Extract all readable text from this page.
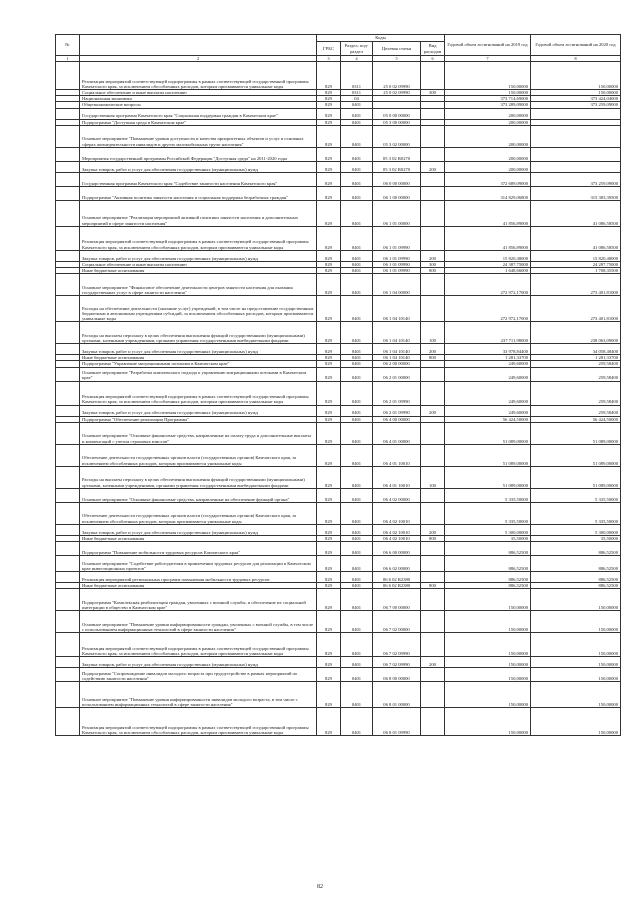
№		Коды				Годовой объем ассигнований на 2019 год	Годовой объем ассигнований на 2020 год
		ГРБС	Раздел, под-раздел	Целевая статья	Вид расходов		
1	2	3	4	5	6	7	8
	Реализация мероприятий соответствующей подпрограммы в рамках соответствующей государственной программы Камчатского края, за исключением обособленных расходов, которым присваиваются уникальные коды	829	0311	25 0 02 09990		150,00000	150,00000
	Социальное обеспечение и иные выплаты населению	829	0311	25 0 02 09990	300	150,00000	150,00000
	Национальная экономика	829	04			373 714,69000	373 424,04000
	Общеэкономические вопросы	829	0401			373 289,09000	373 259,09000
	Государственная программа Камчатского края "Социальная поддержка граждан в Камчатском крае"	829	0401	05 0 00 00000		200,00000	
	Подпрограмма "Доступная среда в Камчатском крае"	829	0401	05 3 00 00000		200,00000	
	Основное мероприятие "Повышение уровня доступности и качества приоритетных объектов и услуг в основных сферах жизнедеятельности инвалидов и других маломобильных групп населения"	829	0401	05 3 02 00000		200,00000	
	Мероприятия государственной программы Российской Федерации "Доступная среда" на 2011-2020 годы	829	0401	05 3 02 R0270		200,00000	
	Закупка товаров, работ и услуг для обеспечения государственных (муниципальных) нужд	829	0401	05 3 02 R0270	200	200,00000	
	Государственная программа Камчатского края "Содействие занятости населения Камчатского края"	829	0401	06 0 00 00000		372 689,09000	373 259,09000
	Подпрограмма "Активная политика занятости населения и социальная поддержка безработных граждан"	829	0401	06 1 00 00000		314 829,06800	315 383,39500
	Основное мероприятие "Реализация мероприятий активной политики занятости населения и дополнительных мероприятий в сфере занятости населения"	829	0401	06 1 01 00000		41 856,89000	41 086,58500
	Реализация мероприятий соответствующей подпрограммы в рамках соответствующей государственной программы Камчатского края, за исключением обособленных расходов, которым присваиваются уникальные коды	829	0401	06 1 01 09990		41 856,89000	41 086,58500
	Закупка товаров, работ и услуг для обеспечения государственных (муниципальных) нужд	829	0401	06 1 01 09990	200	15 820,48000	15 820,48000
	Социальное обеспечение и иные выплаты населению	829	0401	06 1 01 09990	300	24 387,75000	24 287,75000
	Иные бюджетные ассигнования	829	0401	06 1 01 09990	800	1 648,66000	1 708,35500
	Основное мероприятие "Финансовое обеспечение деятельности центров занятости населения для оказания государственных услуг в сфере занятости населения"	829	0401	06 1 04 00000		272 972,17000	273 401,81000
	Расходы на обеспечение деятельности (оказание услуг) учреждений, в том числе на предоставление государственным бюджетным и автономным учреждениям субсидий, за исключением обособленных расходов, которым присваиваются уникальные коды	829	0401	06 1 04 10140		272 972,17000	273 401,81000
	Расходы на выплаты персоналу в целях обеспечения выполнения функций государственными (муниципальными) органами, казенными учреждениями, органами управления государственными внебюджетными фондами	829	0401	06 1 04 10140	100	237 711,98000	238 063,09000
	Закупка товаров, работ и услуг для обеспечения государственных (муниципальных) нужд	829	0401	06 1 04 10140	200	33 978,84400	34 058,48400
	Иные бюджетные ассигнования	829	0401	06 1 04 10140	800	1 281,33700	1 281,33700
	Подпрограмма "Управление миграционными потоками в Камчатском крае"	829	0401	06 2 00 00000		249,60000	259,58400
	Основное мероприятие "Разработка комплексного подхода к управлению миграционными потоками в Камчатском крае"	829	0401	06 2 01 00000		249,60000	259,58400
	Реализация мероприятий соответствующей подпрограммы в рамках соответствующей государственной программы Камчатского края, за исключением обособленных расходов, которым присваиваются уникальные коды	829	0401	06 2 01 09990		249,60000	259,58400
	Закупка товаров, работ и услуг для обеспечения государственных (муниципальных) нужд	829	0401	06 2 01 09990	200	249,60000	259,58400
	Подпрограмма "Обеспечение реализации Программы"	829	0401	06 4 00 00000		56 424,50000	56 424,50000
	Основное мероприятие "Основные финансовые средства, направленные на оплату труда и дополнительные выплаты и компенсаций с учетом страховых взносов"	829	0401	06 4 01 00000		51 089,00000	51 089,00000
	Обеспечение деятельности государственных органов власти (государственных органов) Камчатского края, за исключением обособленных расходов, которым присваиваются уникальные коды	829	0401	06 4 01 10010		51 089,00000	51 089,00000
	Расходы на выплаты персоналу в целях обеспечения выполнения функций государственными (муниципальными) органами, казенными учреждениями, органами управления государственными внебюджетными фондами	829	0401	06 4 01 10010	100	51 089,00000	51 089,00000
	Основное мероприятие "Основные финансовые средства, направленные на обеспечение функций органа"	829	0401	06 4 02 00000		5 335,50000	5 335,50000
	Обеспечение деятельности государственных органов власти (государственных органов) Камчатского края, за исключением обособленных расходов, которым присваиваются уникальные коды	829	0401	06 4 02 10010		5 335,50000	5 335,50000
	Закупка товаров, работ и услуг для обеспечения государственных (муниципальных) нужд	829	0401	06 4 02 10010	200	5 300,00000	5 300,00000
	Иные бюджетные ассигнования	829	0401	06 4 02 10010	800	35,50000	35,50000
	Подпрограмма "Повышение мобильности трудовых ресурсов Камчатского края"	829	0401	06 6 00 00000		886,52500	886,52500
	Основное мероприятие "Содействие работодателям в привлечении трудовых ресурсов для реализации в Камчатском крае инвестиционных проектов"	829	0401	06 6 02 00000		886,52500	886,52500
	Реализация мероприятий региональных программ повышения мобильности трудовых ресурсов	829	0401	06 6 02 R2380		886,52500	886,52500
	Иные бюджетные ассигнования	829	0401	06 6 02 R2380	800	886,52500	886,52500
	Подпрограмма "Комплексная реабилитация граждан, уволенных с военной службы, и обеспечение их социальной интеграции в общество в Камчатском крае"	829	0401	06 7 00 00000		150,00000	150,00000
	Основное мероприятие "Повышение уровня информированности граждан, уволенных с военной службы, в том числе с использованием информационных технологий в сфере занятости населения"	829	0401	06 7 02 00000		150,00000	150,00000
	Реализация мероприятий соответствующей подпрограммы в рамках соответствующей государственной программы Камчатского края, за исключением обособленных расходов, которым присваиваются уникальные коды	829	0401	06 7 02 09990		150,00000	150,00000
	Закупка товаров, работ и услуг для обеспечения государственных (муниципальных) нужд	829	0401	06 7 02 09990	200	150,00000	150,00000
	Подпрограмма "Сопровождение инвалидов молодого возраста при трудоустройстве в рамках мероприятий по содействию занятости населения"	829	0401	06 8 00 00000		150,00000	150,00000
	Основное мероприятие "Повышение уровня информированности инвалидов молодого возраста, в том числе с использованием информационных технологий в сфере занятости населения"	829	0401	06 8 01 00000		150,00000	150,00000
	Реализация мероприятий соответствующей подпрограммы в рамках соответствующей государственной программы Камчатского края, за исключением обособленных расходов, которым присваиваются уникальные коды	829	0401	06 8 01 09990		150,00000	150,00000
82
